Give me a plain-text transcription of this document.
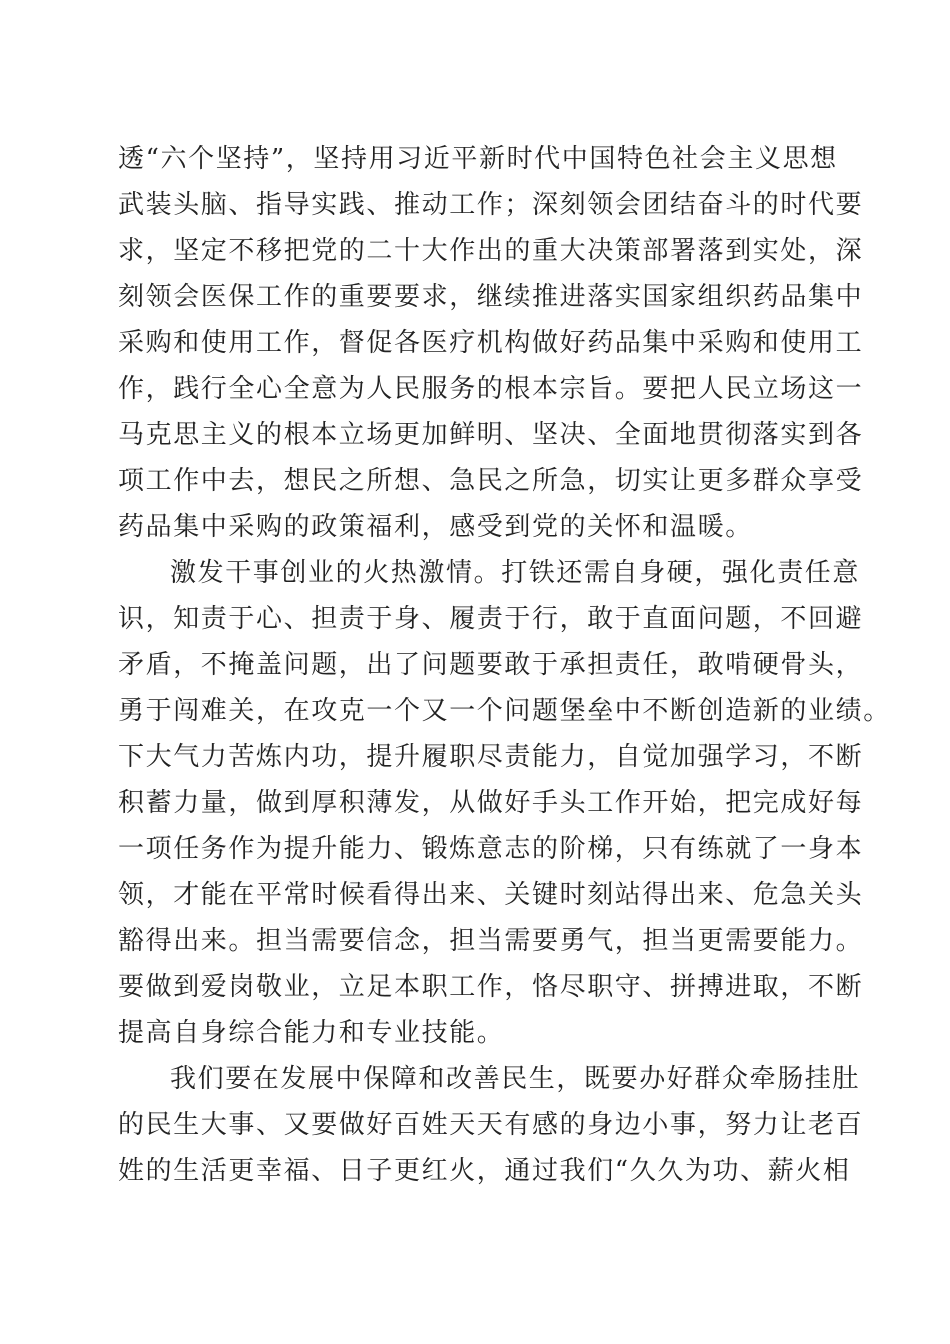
透“六个坚持”，坚持用习近平新时代中国特色社会主义思想
武装头脑、指导实践、推动工作；深刻领会团结奋斗的时代要
求，坚定不移把党的二十大作出的重大决策部署落到实处，深
刻领会医保工作的重要要求，继续推进落实国家组织药品集中
采购和使用工作，督促各医疗机构做好药品集中采购和使用工
作，践行全心全意为人民服务的根本宗旨。要把人民立场这一
马克思主义的根本立场更加鲜明、坚决、全面地贯彻落实到各
项工作中去，想民之所想、急民之所急，切实让更多群众享受
药品集中采购的政策福利，感受到党的关怀和温暖。
激发干事创业的火热激情。打铁还需自身硬，强化责任意
识，知责于心、担责于身、履责于行，敢于直面问题，不回避
矛盾，不掩盖问题，出了问题要敢于承担责任，敢啃硬骨头，
勇于闯难关，在攻克一个又一个问题堡垒中不断创造新的业绩。
下大气力苦炼内功，提升履职尽责能力，自觉加强学习，不断
积蓄力量，做到厚积薄发，从做好手头工作开始，把完成好每
一项任务作为提升能力、锻炼意志的阶梯，只有练就了一身本
领，才能在平常时候看得出来、关键时刻站得出来、危急关头
豁得出来。担当需要信念，担当需要勇气，担当更需要能力。
要做到爱岗敬业，立足本职工作，恪尽职守、拼搏进取，不断
提高自身综合能力和专业技能。
我们要在发展中保障和改善民生，既要办好群众牵肠挂肚
的民生大事、又要做好百姓天天有感的身边小事，努力让老百
姓的生活更幸福、日子更红火，通过我们“久久为功、薪火相
